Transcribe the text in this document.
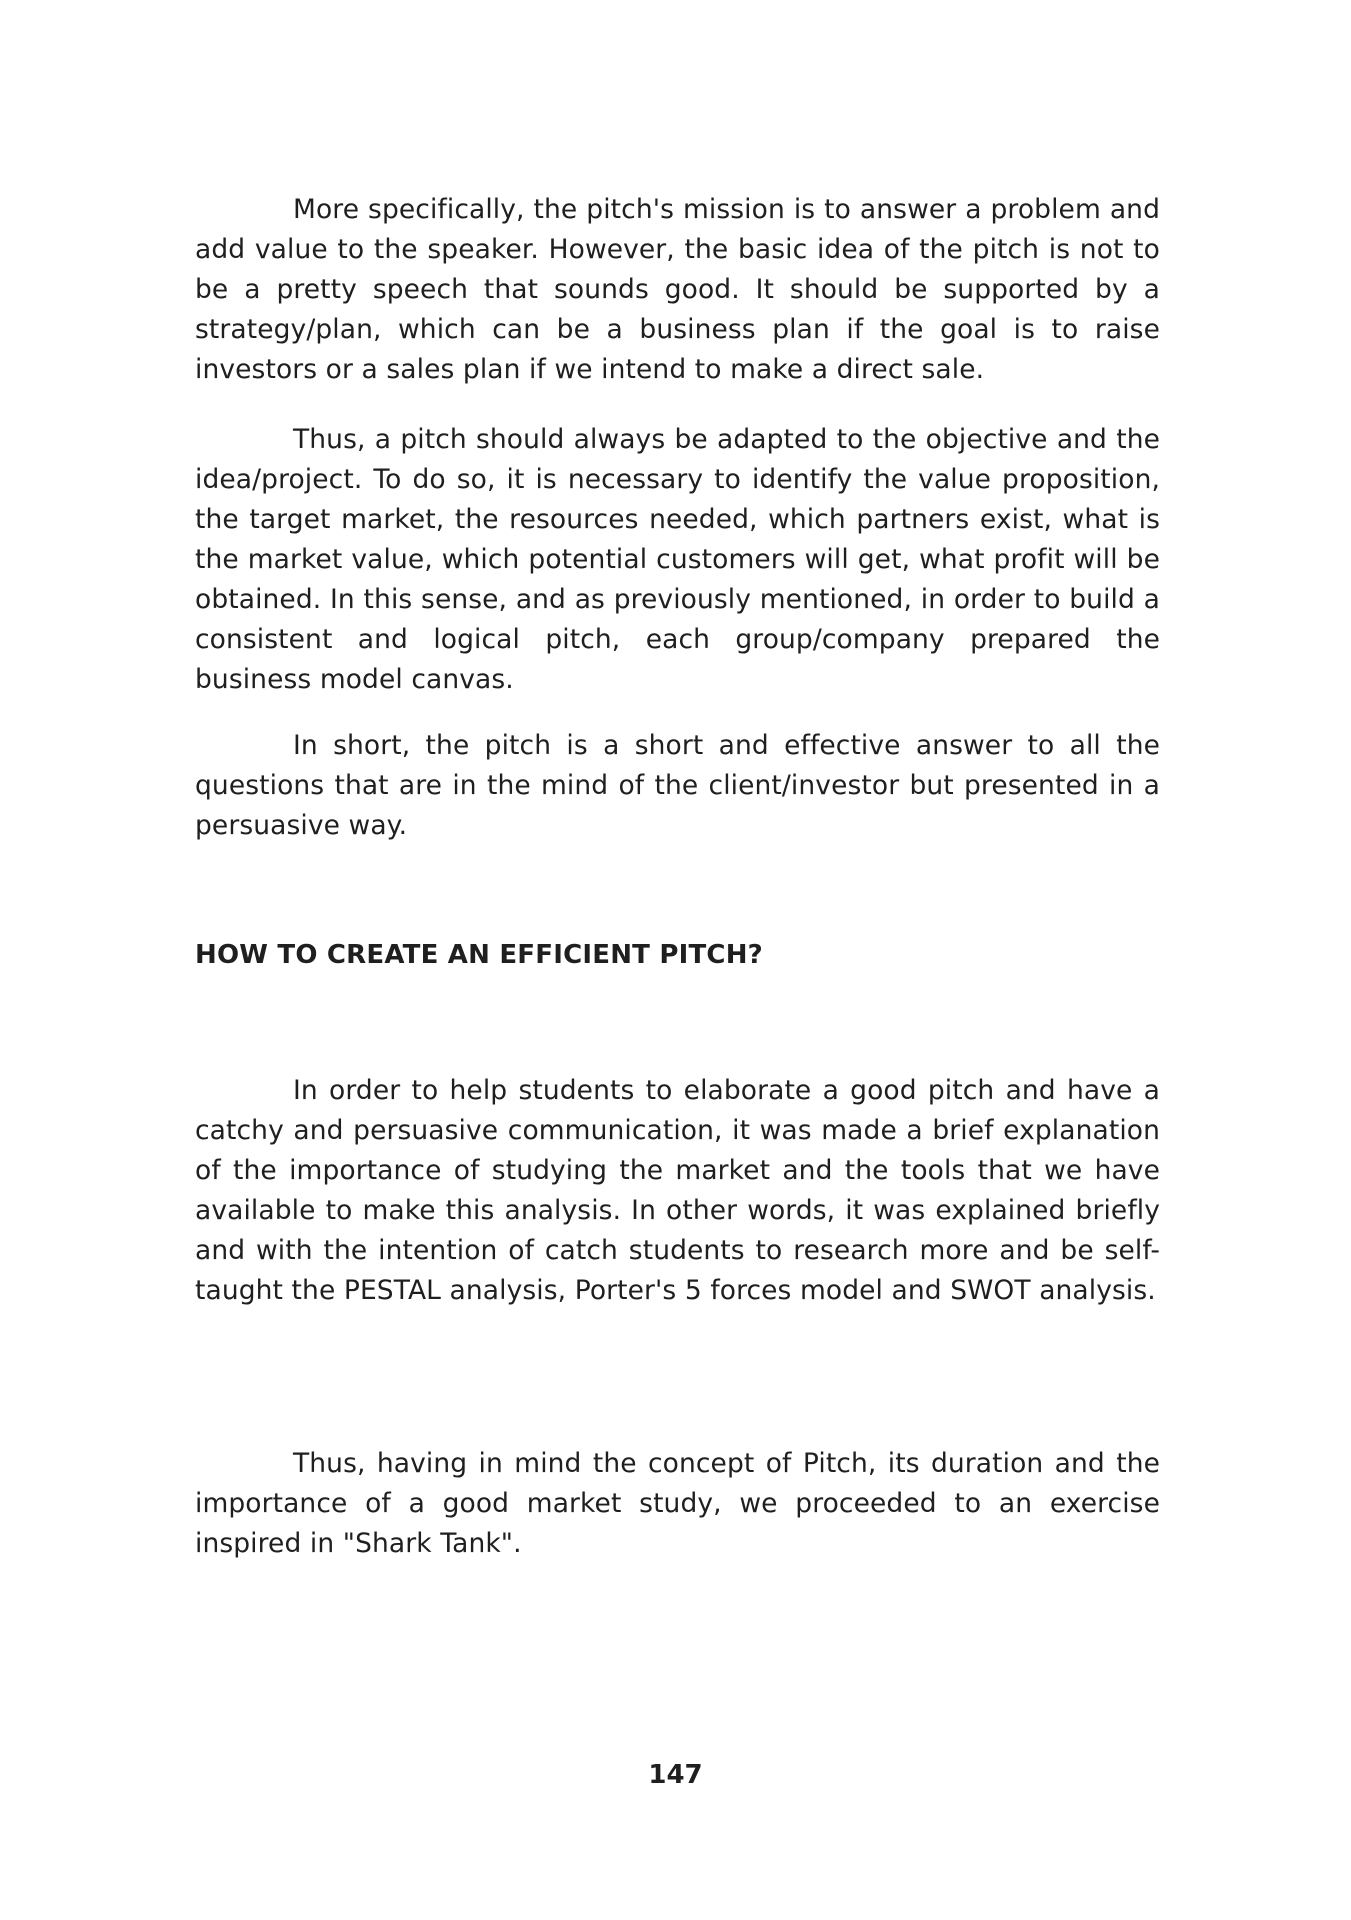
More specifically, the pitch's mission is to answer a problem and add value to the speaker. However, the basic idea of the pitch is not to be a pretty speech that sounds good. It should be supported by a strategy/plan, which can be a business plan if the goal is to raise investors or a sales plan if we intend to make a direct sale.

Thus, a pitch should always be adapted to the objective and the idea/project. To do so, it is necessary to identify the value proposition, the target market, the resources needed, which partners exist, what is the market value, which potential customers will get, what profit will be obtained. In this sense, and as previously mentioned, in order to build a consistent and logical pitch, each group/company prepared the business model canvas.

In short, the pitch is a short and effective answer to all the questions that are in the mind of the client/investor but presented in a persuasive way.

HOW TO CREATE AN EFFICIENT PITCH?

In order to help students to elaborate a good pitch and have a catchy and persuasive communication, it was made a brief explanation of the importance of studying the market and the tools that we have available to make this analysis. In other words, it was explained briefly and with the intention of catch students to research more and be self-taught the PESTAL analysis, Porter's 5 forces model and SWOT analysis.

Thus, having in mind the concept of Pitch, its duration and the importance of a good market study, we proceeded to an exercise inspired in "Shark Tank".

147
